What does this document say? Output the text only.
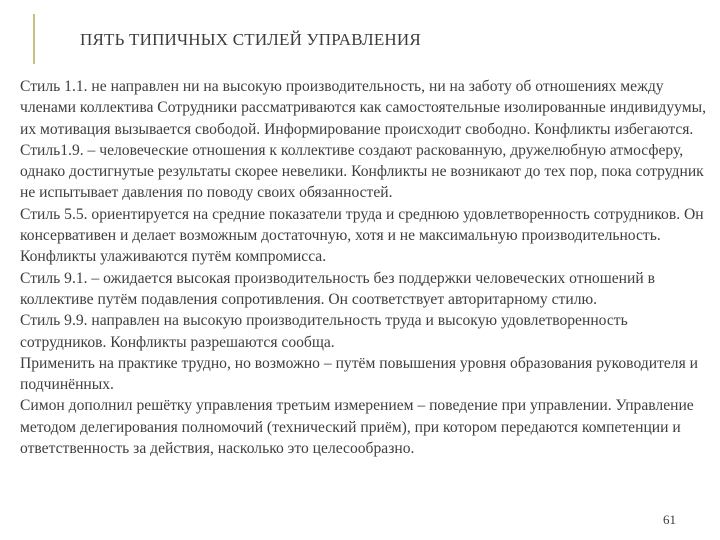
ПЯТЬ ТИПИЧНЫХ СТИЛЕЙ УПРАВЛЕНИЯ

Стиль 1.1. не направлен ни на высокую производительность, ни на заботу об отношениях между членами коллектива Сотрудники рассматриваются как самостоятельные изолированные индивидуумы, их мотивация вызывается свободой. Информирование происходит свободно. Конфликты избегаются.

Стиль1.9. – человеческие отношения к коллективе создают раскованную, дружелюбную атмосферу, однако достигнутые результаты скорее невелики. Конфликты не возникают до тех пор, пока сотрудник не испытывает давления по поводу своих обязанностей.

Стиль 5.5. ориентируется на средние показатели труда и среднюю удовлетворенность сотрудников. Он консервативен и делает возможным достаточную, хотя и не максимальную производительность. Конфликты улаживаются путём компромисса.

Стиль 9.1. – ожидается высокая производительность без поддержки человеческих отношений в коллективе путём подавления сопротивления. Он соответствует авторитарному стилю.

Стиль 9.9. направлен на высокую производительность труда и высокую удовлетворенность сотрудников. Конфликты разрешаются сообща.

Применить на практике трудно, но возможно – путём повышения уровня образования руководителя и подчинённых.

Симон дополнил решётку управления третьим измерением – поведение при управлении. Управление методом делегирования полномочий (технический приём), при котором передаются компетенции и ответственность за действия, насколько это целесообразно.

61
